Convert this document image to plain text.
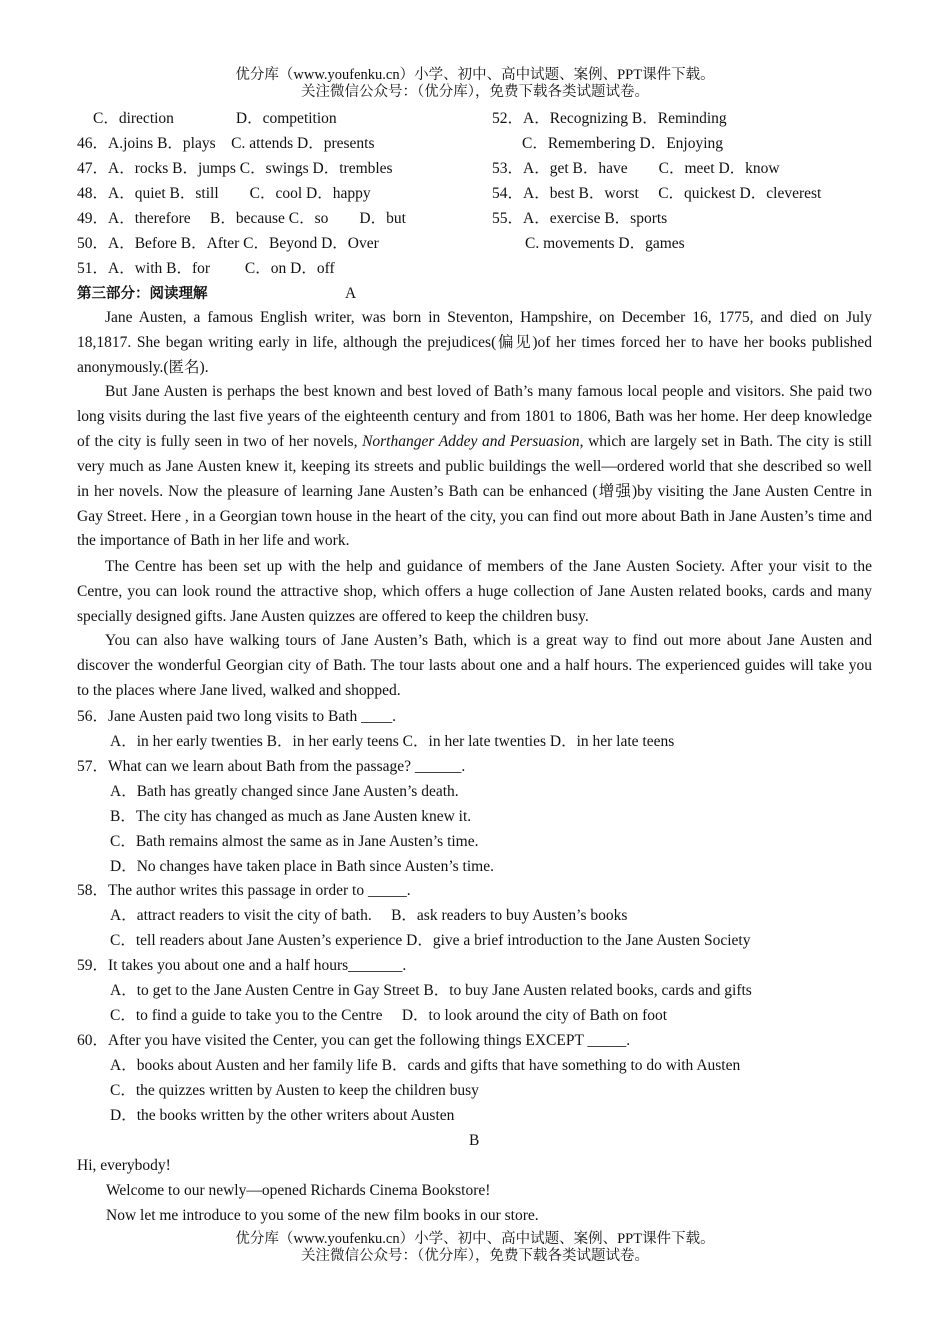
优分库（www.youfenku.cn）小学、初中、高中试题、案例、PPT课件下载。
关注微信公众号：（优分库），免费下载各类试题试卷。
C．direction　　　　D．competition
46．A.joins B．plays　C. attends D．presents
47．A．rocks B．jumps C．swings D．trembles
48．A．quiet B．still　　C．cool D．happy
49．A．therefore　 B．because C．so　　D．but
50．A．Before B．After C．Beyond D．Over
51．A．with B．for　　 C．on D．off
52．A．Recognizing B．Reminding
C．Remembering D．Enjoying
53．A．get B．have　　C．meet D．know
54．A．best B．worst　 C．quickest D．cleverest
55．A．exercise B．sports
C. movements D．games
第三部分：阅读理解	A
Jane Austen, a famous English writer, was born in Steventon, Hampshire, on December 16, 1775, and died on July 18,1817. She began writing early in life, although the prejudices(偏见)of her times forced her to have her books published anonymously.(匿名).
But Jane Austen is perhaps the best known and best loved of Bath’s many famous local people and visitors. She paid two long visits during the last five years of the eighteenth century and from 1801 to 1806, Bath was her home. Her deep knowledge of the city is fully seen in two of her novels, Northanger Addey and Persuasion, which are largely set in Bath. The city is still very much as Jane Austen knew it, keeping its streets and public buildings the well—ordered world that she described so well in her novels. Now the pleasure of learning Jane Austen’s Bath can be enhanced (增强)by visiting the Jane Austen Centre in Gay Street. Here , in a Georgian town house in the heart of the city, you can find out more about Bath in Jane Austen’s time and the importance of Bath in her life and work.
The Centre has been set up with the help and guidance of members of the Jane Austen Society. After your visit to the Centre, you can look round the attractive shop, which offers a huge collection of Jane Austen related books, cards and many specially designed gifts. Jane Austen quizzes are offered to keep the children busy.
You can also have walking tours of Jane Austen’s Bath, which is a great way to find out more about Jane Austen and discover the wonderful Georgian city of Bath. The tour lasts about one and a half hours. The experienced guides will take you to the places where Jane lived, walked and shopped.
56．Jane Austen paid two long visits to Bath ____.
A．in her early twenties B．in her early teens C．in her late twenties D．in her late teens
57．What can we learn about Bath from the passage? ______.
A．Bath has greatly changed since Jane Austen’s death.
B．The city has changed as much as Jane Austen knew it.
C．Bath remains almost the same as in Jane Austen’s time.
D．No changes have taken place in Bath since Austen’s time.
58．The author writes this passage in order to _____.
A．attract readers to visit the city of bath.　 B．ask readers to buy Austen’s books
C．tell readers about Jane Austen’s experience D．give a brief introduction to the Jane Austen Society
59．It takes you about one and a half hours_______.
A．to get to the Jane Austen Centre in Gay Street B．to buy Jane Austen related books, cards and gifts
C．to find a guide to take you to the Centre　 D．to look around the city of Bath on foot
60．After you have visited the Center, you can get the following things EXCEPT _____.
A．books about Austen and her family life B．cards and gifts that have something to do with Austen
C．the quizzes written by Austen to keep the children busy
D．the books written by the other writers about Austen
B
Hi, everybody!
Welcome to our newly—opened Richards Cinema Bookstore!
Now let me introduce to you some of the new film books in our store.
优分库（www.youfenku.cn）小学、初中、高中试题、案例、PPT课件下载。
关注微信公众号：（优分库），免费下载各类试题试卷。
